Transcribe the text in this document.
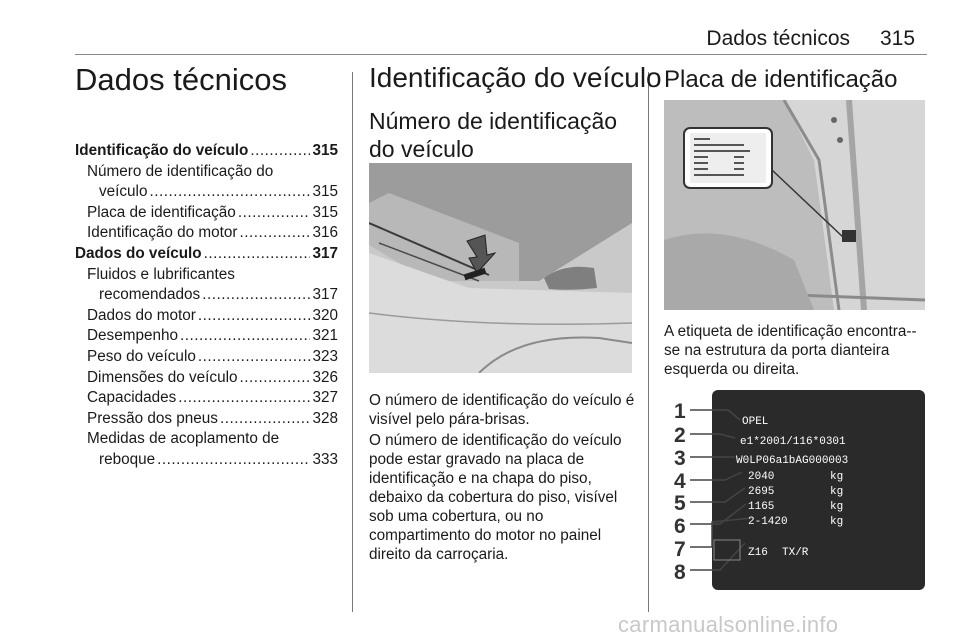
Dados técnicos 315
Dados técnicos
Identificação do veículo .....	315
Número de identificação do
veículo .....	315
Placa de identificação .....	315
Identificação do motor .....	316
Dados do veículo .....	317
Fluidos e lubrificantes
recomendados .....	317
Dados do motor .....	320
Desempenho .....	321
Peso do veículo .....	323
Dimensões do veículo .....	326
Capacidades .....	327
Pressão dos pneus .....	328
Medidas de acoplamento de
reboque .....	333
Identificação do veículo
Número de identificação do veículo

O número de identificação do veículo é visível pelo pára-brisas.

O número de identificação do veículo pode estar gravado na placa de identificação e na chapa do piso, debaixo da cobertura do piso, visível sob uma cobertura, ou no compartimento do motor no painel direito da carroçaria.

Placa de identificação

A etiqueta de identificação encontra--se na estrutura da porta dianteira esquerda ou direita.

1
2
3
4
5
6
7
8
OPEL
e1*2001/116*0301
W0LP06a1bAG000003
2040
2695
1165
2-1420
kg
kg
kg
kg
Z16 TX/R
carmanualsonline.info
